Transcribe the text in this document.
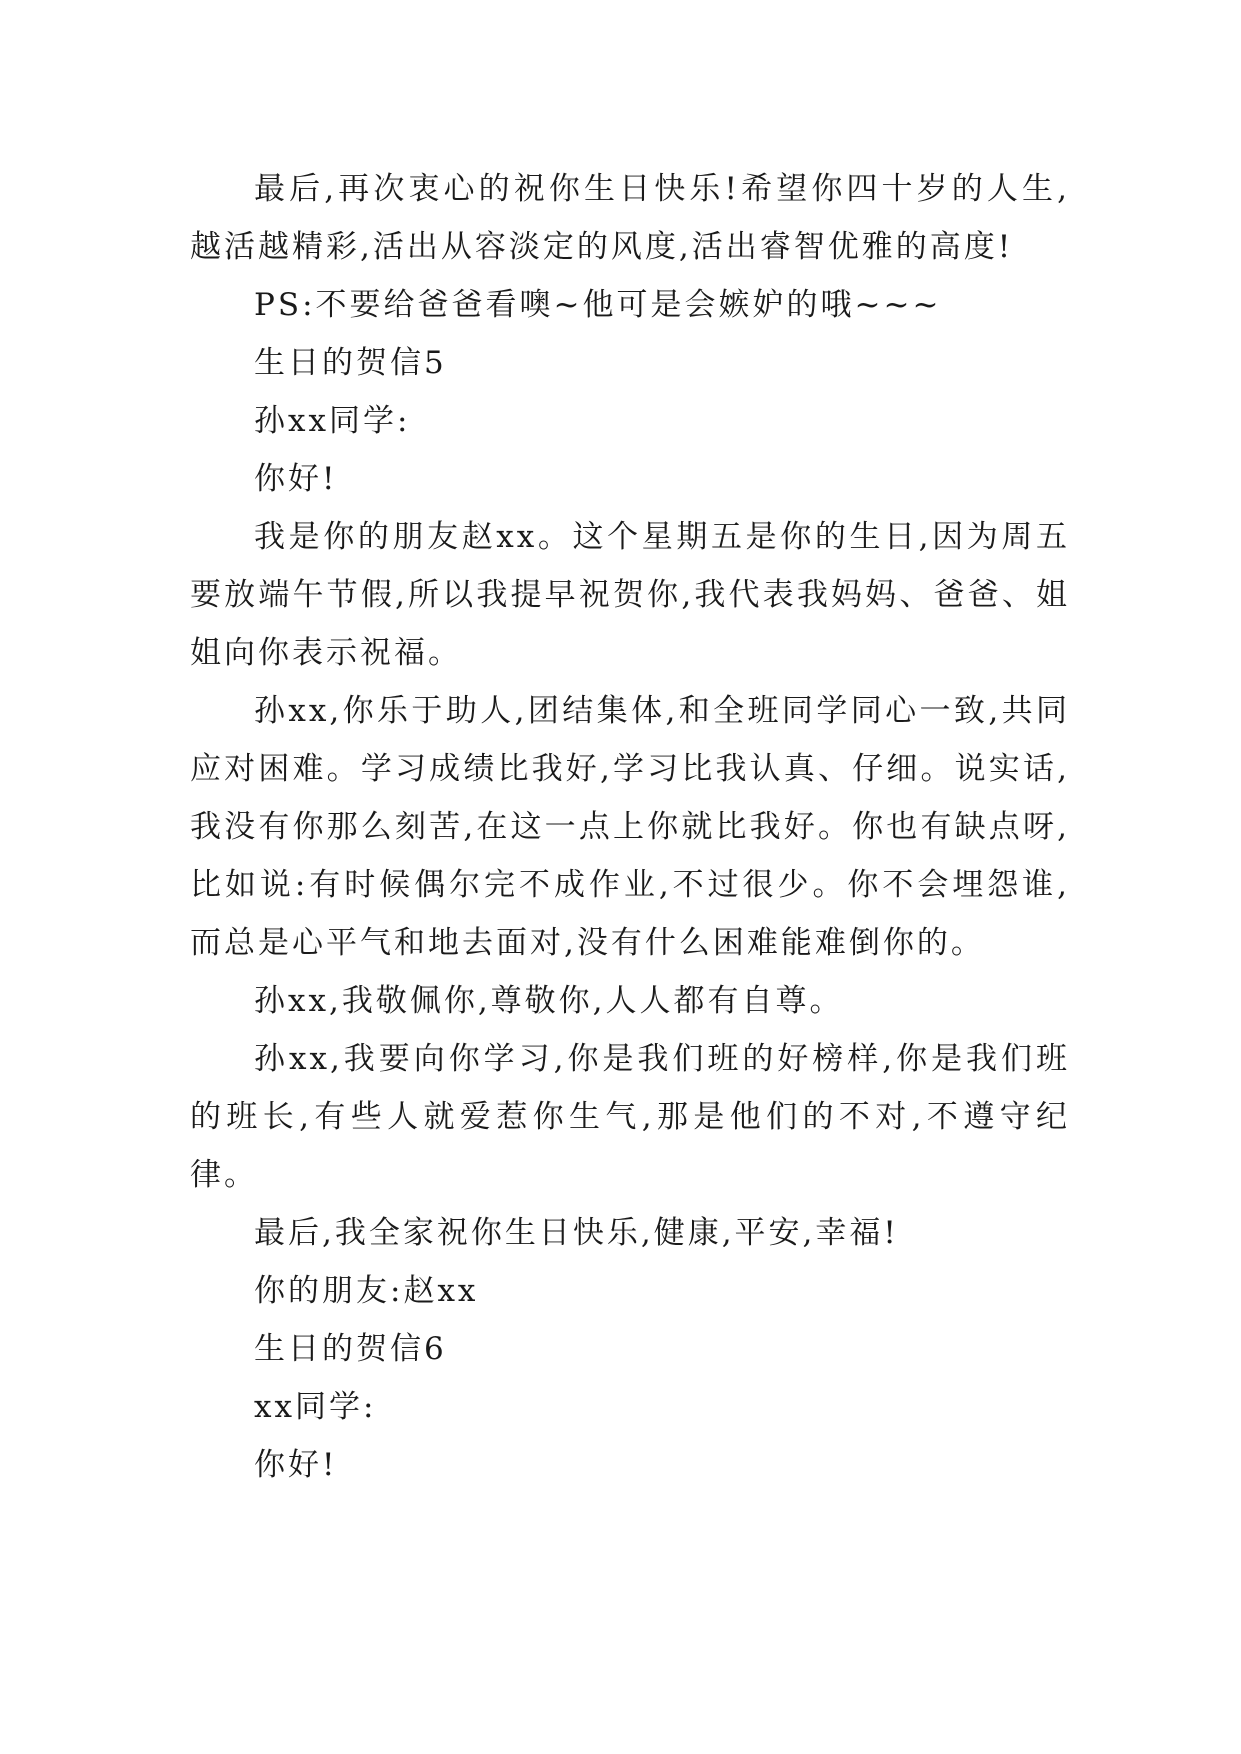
最后,再次衷心的祝你生日快乐!希望你四十岁的人生,越活越精彩,活出从容淡定的风度,活出睿智优雅的高度!

PS:不要给爸爸看噢~他可是会嫉妒的哦~~~

生日的贺信5

孙xx同学:

你好!

我是你的朋友赵xx。这个星期五是你的生日,因为周五要放端午节假,所以我提早祝贺你,我代表我妈妈、爸爸、姐姐向你表示祝福。

孙xx,你乐于助人,团结集体,和全班同学同心一致,共同应对困难。学习成绩比我好,学习比我认真、仔细。说实话,我没有你那么刻苦,在这一点上你就比我好。你也有缺点呀,比如说:有时候偶尔完不成作业,不过很少。你不会埋怨谁,而总是心平气和地去面对,没有什么困难能难倒你的。

孙xx,我敬佩你,尊敬你,人人都有自尊。

孙xx,我要向你学习,你是我们班的好榜样,你是我们班的班长,有些人就爱惹你生气,那是他们的不对,不遵守纪律。

最后,我全家祝你生日快乐,健康,平安,幸福!

你的朋友:赵xx

生日的贺信6

xx同学:

你好!
